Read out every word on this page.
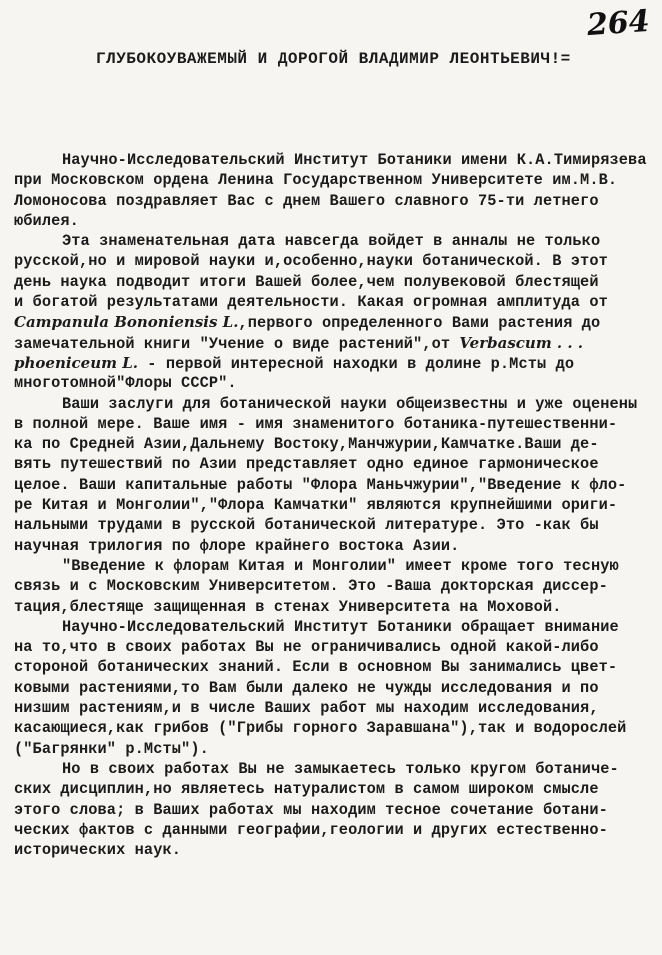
264
ГЛУБОКОУВАЖЕМЫЙ И ДОРОГОЙ ВЛАДИМИР ЛЕОНТЬЕВИЧ!=
Научно-Исследовательский Институт Ботаники имени К.А.Тимирязева
при Московском ордена Ленина Государственном Университете им.М.В.
Ломоносова поздравляет Вас с днем Вашего славного 75-ти летнего
юбилея.
Эта знаменательная дата навсегда войдет в анналы не только
русской,но и мировой науки и,особенно,науки ботанической. В этот
день наука подводит итоги Вашей более,чем полувековой блестящей
и богатой результатами деятельности. Какая огромная амплитуда от
Campanula Bononiensis L.,первого определенного Вами растения до
замечательной книги "Учение о виде растений",от Verbascum . . .
phoeniceum L. - первой интересной находки в долине р.Мсты до
многотомной"Флоры СССР".
Ваши заслуги для ботанической науки общеизвестны и уже оценены
в полной мере. Ваше имя - имя знаменитого ботаника-путешественни-
ка по Средней Азии,Дальнему Востоку,Манчжурии,Камчатке.Ваши де-
вять путешествий по Азии представляет одно единое гармоническое
целое. Ваши капитальные работы "Флора Маньчжурии","Введение к фло-
ре Китая и Монголии","Флора Камчатки" являются крупнейшими ориги-
нальными трудами в русской ботанической литературе. Это -как бы
научная трилогия по флоре крайнего востока Азии.
"Введение к флорам Китая и Монголии" имеет кроме того тесную
связь и с Московским Университетом. Это -Ваша докторская диссер-
тация,блестяще защищенная в стенах Университета на Моховой.
Научно-Исследовательский Институт Ботаники обращает внимание
на то,что в своих работах Вы не ограничивались одной какой-либо
стороной ботанических знаний. Если в основном Вы занимались цвет-
ковыми растениями,то Вам были далеко не чужды исследования и по
низшим растениям,и в числе Ваших работ мы находим исследования,
касающиеся,как грибов ("Грибы горного Заравшана"),так и водорослей
("Багрянки" р.Мсты").
Но в своих работах Вы не замыкаетесь только кругом ботаниче-
ских дисциплин,но являетесь натуралистом в самом широком смысле
этого слова; в Ваших работах мы находим тесное сочетание ботани-
ческих фактов с данными географии,геологии и других естественно-
исторических наук.
